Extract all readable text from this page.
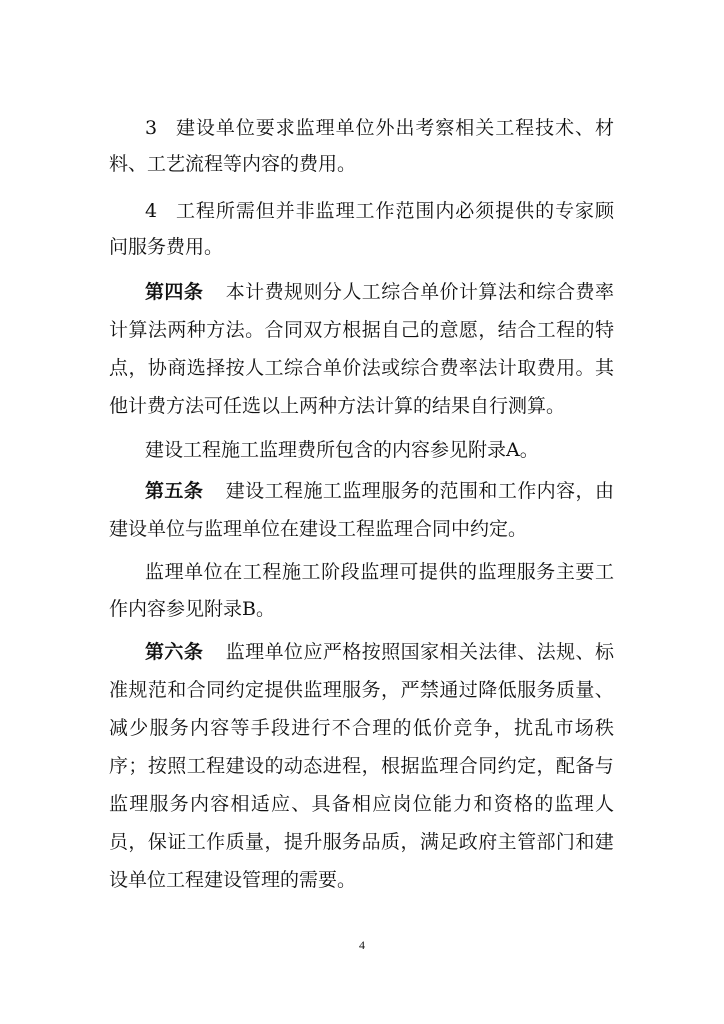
3 建设单位要求监理单位外出考察相关工程技术、材
料、工艺流程等内容的费用。
4 工程所需但并非监理工作范围内必须提供的专家顾
问服务费用。
第四条 本计费规则分人工综合单价计算法和综合费率
计算法两种方法。合同双方根据自己的意愿，结合工程的特
点，协商选择按人工综合单价法或综合费率法计取费用。其
他计费方法可任选以上两种方法计算的结果自行测算。
建设工程施工监理费所包含的内容参见附录A。
第五条 建设工程施工监理服务的范围和工作内容，由
建设单位与监理单位在建设工程监理合同中约定。
监理单位在工程施工阶段监理可提供的监理服务主要工
作内容参见附录B。
第六条 监理单位应严格按照国家相关法律、法规、标
准规范和合同约定提供监理服务，严禁通过降低服务质量、
减少服务内容等手段进行不合理的低价竞争，扰乱市场秩
序；按照工程建设的动态进程，根据监理合同约定，配备与
监理服务内容相适应、具备相应岗位能力和资格的监理人
员，保证工作质量，提升服务品质，满足政府主管部门和建
设单位工程建设管理的需要。
4
